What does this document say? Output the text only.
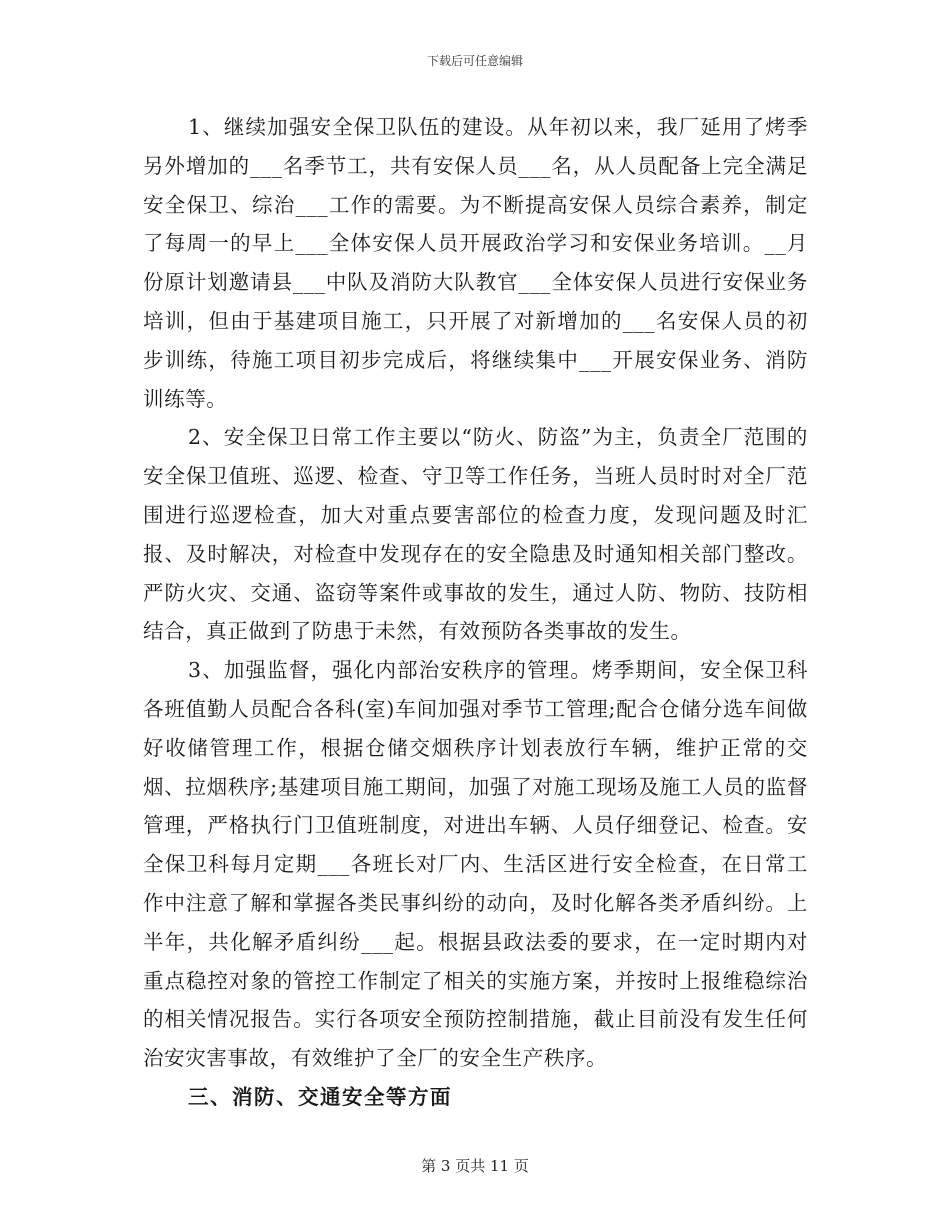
下载后可任意编辑

1、继续加强安全保卫队伍的建设。从年初以来，我厂延用了烤季另外增加的___名季节工，共有安保人员___名，从人员配备上完全满足安全保卫、综治___工作的需要。为不断提高安保人员综合素养，制定了每周一的早上___全体安保人员开展政治学习和安保业务培训。__月份原计划邀请县___中队及消防大队教官___全体安保人员进行安保业务培训，但由于基建项目施工，只开展了对新增加的___名安保人员的初步训练，待施工项目初步完成后，将继续集中___开展安保业务、消防训练等。

2、安全保卫日常工作主要以“防火、防盗”为主，负责全厂范围的安全保卫值班、巡逻、检查、守卫等工作任务，当班人员时时对全厂范围进行巡逻检查，加大对重点要害部位的检查力度，发现问题及时汇报、及时解决，对检查中发现存在的安全隐患及时通知相关部门整改。严防火灾、交通、盗窃等案件或事故的发生，通过人防、物防、技防相结合，真正做到了防患于未然，有效预防各类事故的发生。

3、加强监督，强化内部治安秩序的管理。烤季期间，安全保卫科各班值勤人员配合各科(室)车间加强对季节工管理;配合仓储分选车间做好收储管理工作，根据仓储交烟秩序计划表放行车辆，维护正常的交烟、拉烟秩序;基建项目施工期间，加强了对施工现场及施工人员的监督管理，严格执行门卫值班制度，对进出车辆、人员仔细登记、检查。安全保卫科每月定期___各班长对厂内、生活区进行安全检查，在日常工作中注意了解和掌握各类民事纠纷的动向，及时化解各类矛盾纠纷。上半年，共化解矛盾纠纷___起。根据县政法委的要求，在一定时期内对重点稳控对象的管控工作制定了相关的实施方案，并按时上报维稳综治的相关情况报告。实行各项安全预防控制措施，截止目前没有发生任何治安灾害事故，有效维护了全厂的安全生产秩序。

三、消防、交通安全等方面

第 3 页共 11 页
